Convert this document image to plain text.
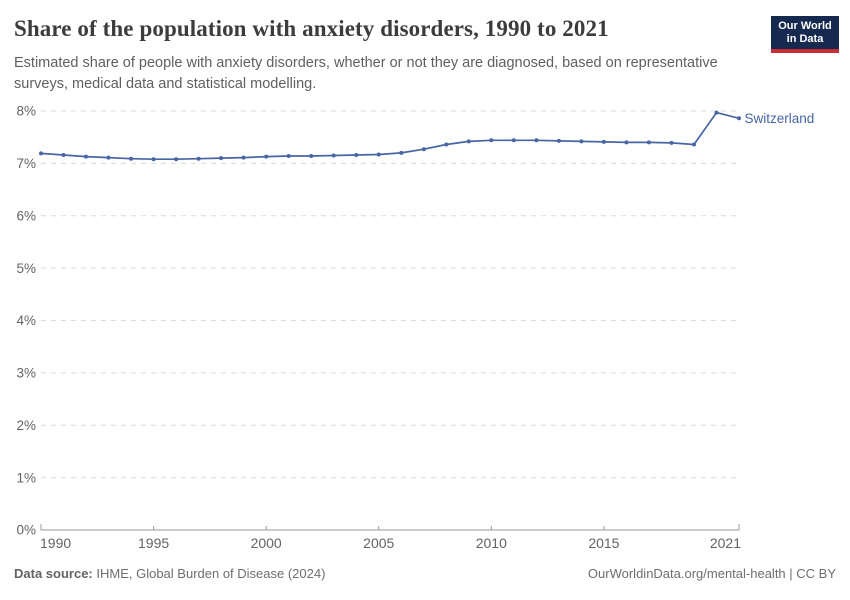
Share of the population with anxiety disorders, 1990 to 2021
Estimated share of people with anxiety disorders, whether or not they are diagnosed, based on representative surveys, medical data and statistical modelling.
Our World
in Data
0%
1%
2%
3%
4%
5%
6%
7%
8%
1990	1995	2000	2005	2010	2015	2021
Switzerland
Data source: IHME, Global Burden of Disease (2024)	OurWorldinData.org/mental-health | CC BY
